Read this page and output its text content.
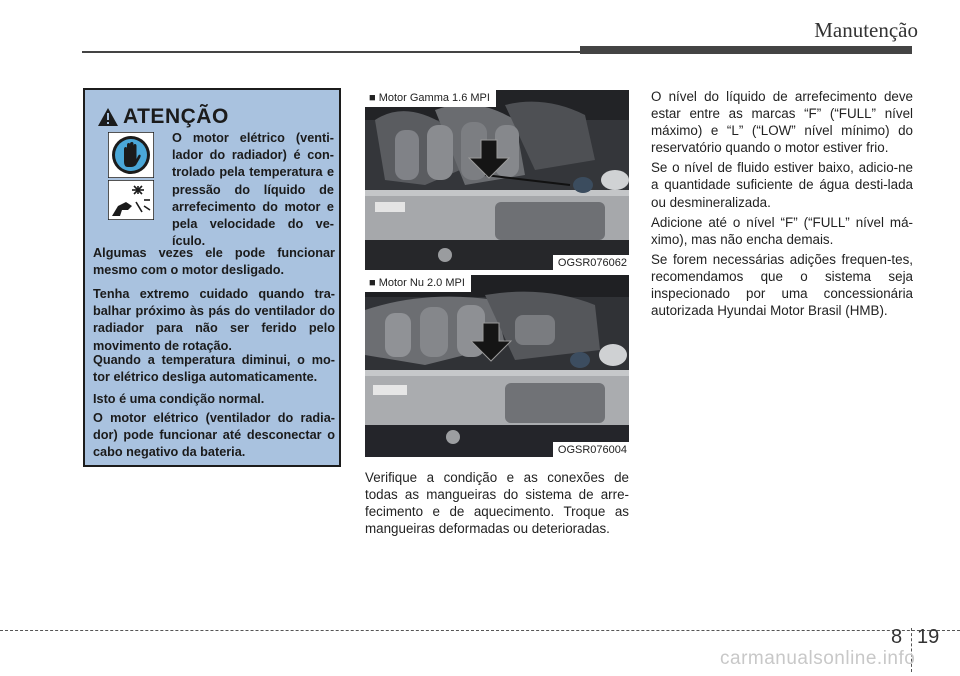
Manutenção
ATENÇÃO
O motor elétrico (venti-lador do radiador) é con-trolado pela temperatura e pressão do líquido de arrefecimento do motor e pela velocidade do ve-ículo.
Algumas vezes ele pode funcionar mesmo com o motor desligado.
Tenha extremo cuidado quando tra-balhar próximo às pás do ventilador do radiador para não ser ferido pelo movimento de rotação.
Quando a temperatura diminui, o mo-tor elétrico desliga automaticamente.
Isto é uma condição normal.
O motor elétrico (ventilador do radia-dor) pode funcionar até desconectar o cabo negativo da bateria.
■ Motor Gamma 1.6 MPI
OGSR076062
■ Motor Nu 2.0 MPI
OGSR076004

Verifique a condição e as conexões de todas as mangueiras do sistema de arre-fecimento e de aquecimento. Troque as mangueiras deformadas ou deterioradas.

O nível do líquido de arrefecimento deve estar entre as marcas “F” (“FULL” nível máximo) e “L” (“LOW” nível mínimo) do reservatório quando o motor estiver frio.

Se o nível de fluido estiver baixo, adicio-ne a quantidade suficiente de água desti-lada ou desmineralizada.

Adicione até o nível “F” (“FULL” nível má-ximo), mas não encha demais.

Se forem necessárias adições frequen-tes, recomendamos que o sistema seja inspecionado por uma concessionária autorizada Hyundai Motor Brasil (HMB).

8 19
carmanualsonline.info
